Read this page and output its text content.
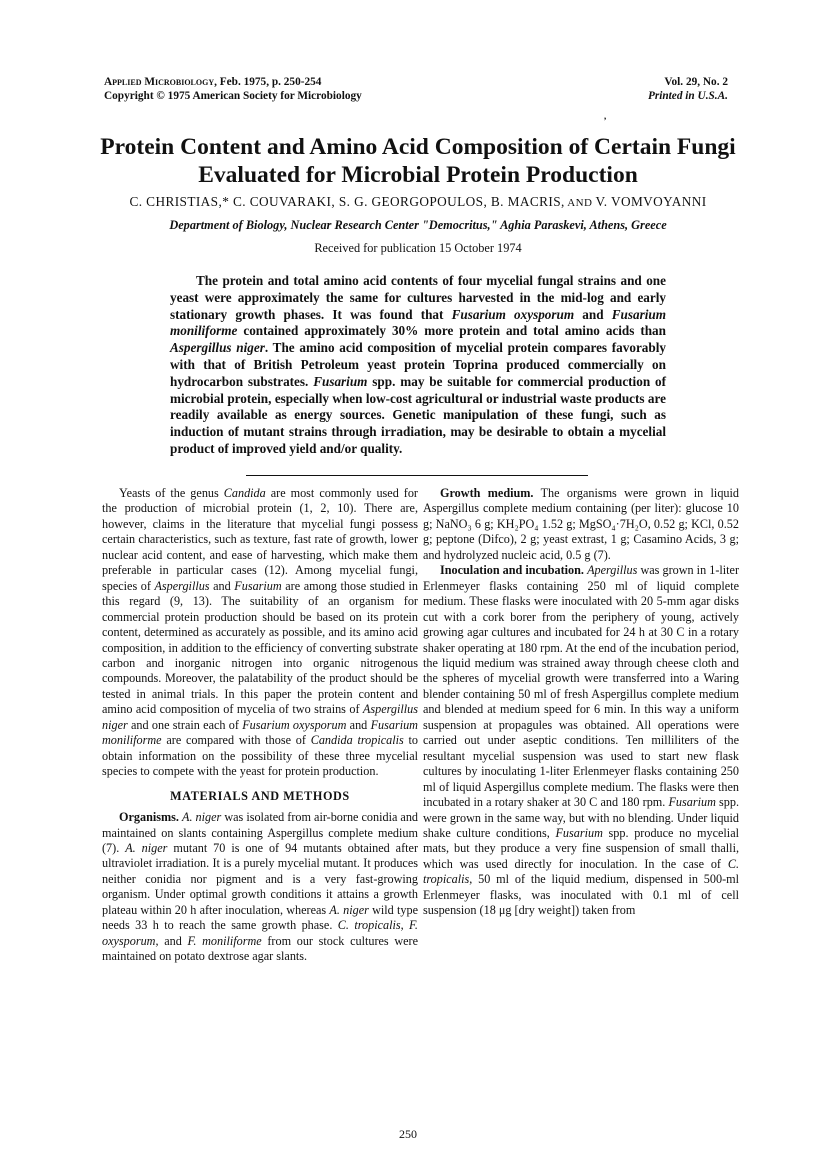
Applied Microbiology, Feb. 1975, p. 250-254
Copyright © 1975 American Society for Microbiology
Vol. 29, No. 2
Printed in U.S.A.
,
Protein Content and Amino Acid Composition of Certain Fungi Evaluated for Microbial Protein Production

C. CHRISTIAS,* C. COUVARAKI, S. G. GEORGOPOULOS, B. MACRIS, AND V. VOMVOYANNI

Department of Biology, Nuclear Research Center "Democritus," Aghia Paraskevi, Athens, Greece

Received for publication 15 October 1974

The protein and total amino acid contents of four mycelial fungal strains and one yeast were approximately the same for cultures harvested in the mid-log and early stationary growth phases. It was found that Fusarium oxysporum and Fusarium moniliforme contained approximately 30% more protein and total amino acids than Aspergillus niger. The amino acid composition of mycelial protein compares favorably with that of British Petroleum yeast protein Toprina produced commercially on hydrocarbon substrates. Fusarium spp. may be suitable for commercial production of microbial protein, especially when low-cost agricultural or industrial waste products are readily available as energy sources. Genetic manipulation of these fungi, such as induction of mutant strains through irradiation, may be desirable to obtain a mycelial product of improved yield and/or quality.

Yeasts of the genus Candida are most commonly used for the production of microbial protein (1, 2, 10). There are, however, claims in the literature that mycelial fungi possess certain characteristics, such as texture, fast rate of growth, lower nuclear acid content, and ease of harvesting, which make them preferable in particular cases (12). Among mycelial fungi, species of Aspergillus and Fusarium are among those studied in this regard (9, 13). The suitability of an organism for commercial protein production should be based on its protein content, determined as accurately as possible, and its amino acid composition, in addition to the efficiency of converting substrate carbon and inorganic nitrogen into organic nitrogenous compounds. Moreover, the palatability of the product should be tested in animal trials. In this paper the protein content and amino acid composition of mycelia of two strains of Aspergillus niger and one strain each of Fusarium oxysporum and Fusarium moniliforme are compared with those of Candida tropicalis to obtain information on the possibility of these three mycelial species to compete with the yeast for protein production.

MATERIALS AND METHODS

Organisms. A. niger was isolated from air-borne conidia and maintained on slants containing Aspergillus complete medium (7). A. niger mutant 70 is one of 94 mutants obtained after ultraviolet irradiation. It is a purely mycelial mutant. It produces neither conidia nor pigment and is a very fast-growing organism. Under optimal growth conditions it attains a growth plateau within 20 h after inoculation, whereas A. niger wild type needs 33 h to reach the same growth phase. C. tropicalis, F. oxysporum, and F. moniliforme from our stock cultures were maintained on potato dextrose agar slants.

Growth medium. The organisms were grown in liquid Aspergillus complete medium containing (per liter): glucose 10 g; NaNO₃ 6 g; KH₂PO₄ 1.52 g; MgSO₄·7H₂O, 0.52 g; KCl, 0.52 g; peptone (Difco), 2 g; yeast extrast, 1 g; Casamino Acids, 3 g; and hydrolyzed nucleic acid, 0.5 g (7).

Inoculation and incubation. Apergillus was grown in 1-liter Erlenmeyer flasks containing 250 ml of liquid complete medium. These flasks were inoculated with 20 5-mm agar disks cut with a cork borer from the periphery of young, actively growing agar cultures and incubated for 24 h at 30 C in a rotary shaker operating at 180 rpm. At the end of the incubation period, the liquid medium was strained away through cheese cloth and the spheres of mycelial growth were transferred into a Waring blender containing 50 ml of fresh Aspergillus complete medium and blended at medium speed for 6 min. In this way a uniform suspension at propagules was obtained. All operations were carried out under aseptic conditions. Ten milliliters of the resultant mycelial suspension was used to start new flask cultures by inoculating 1-liter Erlenmeyer flasks containing 250 ml of liquid Aspergillus complete medium. The flasks were then incubated in a rotary shaker at 30 C and 180 rpm. Fusarium spp. were grown in the same way, but with no blending. Under liquid shake culture conditions, Fusarium spp. produce no mycelial mats, but they produce a very fine suspension of small thalli, which was used directly for inoculation. In the case of C. tropicalis, 50 ml of the liquid medium, dispensed in 500-ml Erlenmeyer flasks, was inoculated with 0.1 ml of cell suspension (18 μg [dry weight]) taken from

250
